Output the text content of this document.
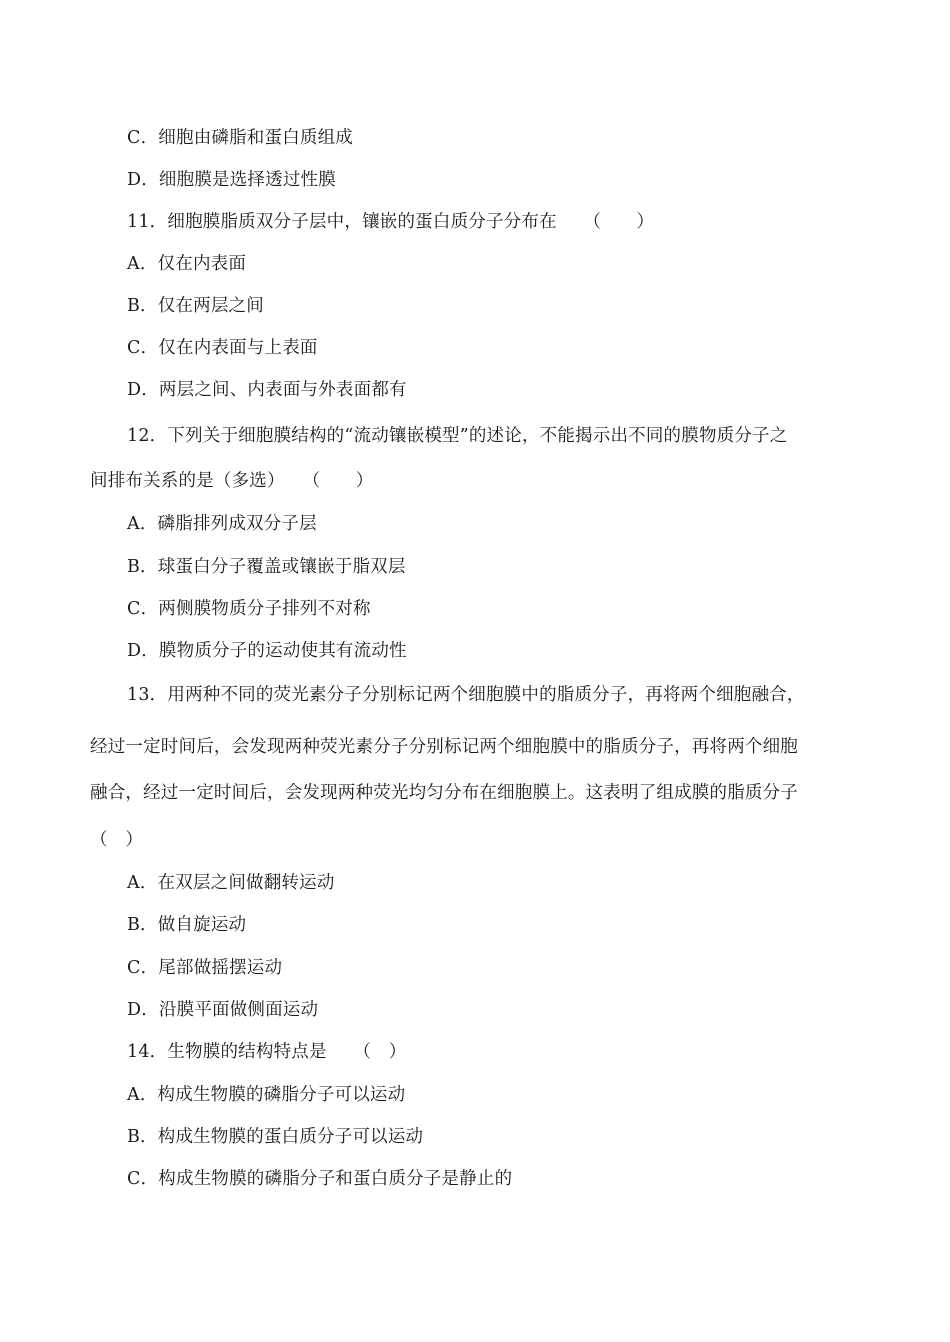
C．细胞由磷脂和蛋白质组成
D．细胞膜是选择透过性膜
11．细胞膜脂质双分子层中，镶嵌的蛋白质分子分布在　　（　　）
A．仅在内表面
B．仅在两层之间
C．仅在内表面与上表面
D．两层之间、内表面与外表面都有
12．下列关于细胞膜结构的“流动镶嵌模型”的述论，不能揭示出不同的膜物质分子之
间排布关系的是（多选）　　（　　）
A．磷脂排列成双分子层
B．球蛋白分子覆盖或镶嵌于脂双层
C．两侧膜物质分子排列不对称
D．膜物质分子的运动使其有流动性
13．用两种不同的荧光素分子分别标记两个细胞膜中的脂质分子，再将两个细胞融合，
经过一定时间后，会发现两种荧光素分子分别标记两个细胞膜中的脂质分子，再将两个细胞
融合，经过一定时间后，会发现两种荧光均匀分布在细胞膜上。这表明了组成膜的脂质分子
（　）
A．在双层之间做翻转运动
B．做自旋运动
C．尾部做摇摆运动
D．沿膜平面做侧面运动
14．生物膜的结构特点是　　（　）
A．构成生物膜的磷脂分子可以运动
B．构成生物膜的蛋白质分子可以运动
C．构成生物膜的磷脂分子和蛋白质分子是静止的
